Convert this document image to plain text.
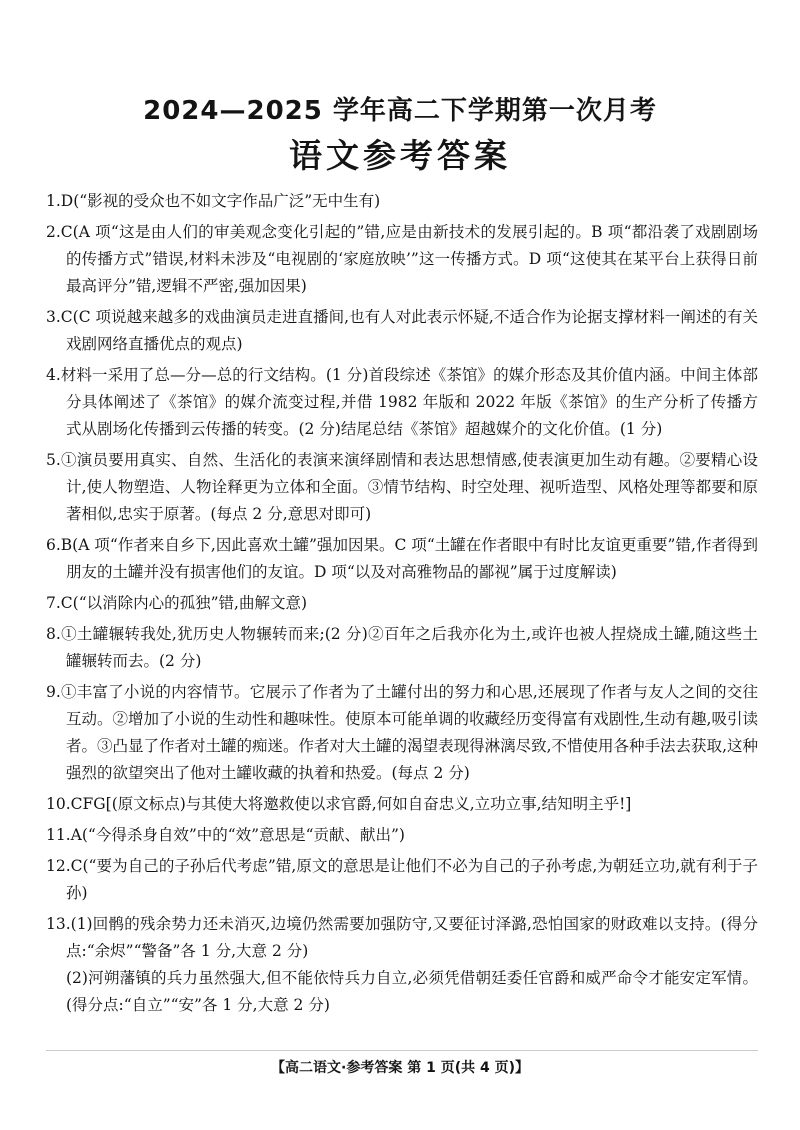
2024—2025 学年高二下学期第一次月考
语文参考答案
1.D(“影视的受众也不如文字作品广泛”无中生有)
2.C(A 项“这是由人们的审美观念变化引起的”错,应是由新技术的发展引起的。B 项“都沿袭了戏剧剧场的传播方式”错误,材料未涉及“电视剧的‘家庭放映’”这一传播方式。D 项“这使其在某平台上获得日前最高评分”错,逻辑不严密,强加因果)
3.C(C 项说越来越多的戏曲演员走进直播间,也有人对此表示怀疑,不适合作为论据支撑材料一阐述的有关戏剧网络直播优点的观点)
4.材料一采用了总—分—总的行文结构。(1 分)首段综述《茶馆》的媒介形态及其价值内涵。中间主体部分具体阐述了《茶馆》的媒介流变过程,并借 1982 年版和 2022 年版《茶馆》的生产分析了传播方式从剧场化传播到云传播的转变。(2 分)结尾总结《茶馆》超越媒介的文化价值。(1 分)
5.①演员要用真实、自然、生活化的表演来演绎剧情和表达思想情感,使表演更加生动有趣。②要精心设计,使人物塑造、人物诠释更为立体和全面。③情节结构、时空处理、视听造型、风格处理等都要和原著相似,忠实于原著。(每点 2 分,意思对即可)
6.B(A 项“作者来自乡下,因此喜欢土罐”强加因果。C 项“土罐在作者眼中有时比友谊更重要”错,作者得到朋友的土罐并没有损害他们的友谊。D 项“以及对高雅物品的鄙视”属于过度解读)
7.C(“以消除内心的孤独”错,曲解文意)
8.①土罐辗转我处,犹历史人物辗转而来;(2 分)②百年之后我亦化为土,或许也被人捏烧成土罐,随这些土罐辗转而去。(2 分)
9.①丰富了小说的内容情节。它展示了作者为了土罐付出的努力和心思,还展现了作者与友人之间的交往互动。②增加了小说的生动性和趣味性。使原本可能单调的收藏经历变得富有戏剧性,生动有趣,吸引读者。③凸显了作者对土罐的痴迷。作者对大土罐的渴望表现得淋漓尽致,不惜使用各种手法去获取,这种强烈的欲望突出了他对土罐收藏的执着和热爱。(每点 2 分)
10.CFG[(原文标点)与其使大将邀救使以求官爵,何如自奋忠义,立功立事,结知明主乎!]
11.A(“今得杀身自效”中的“效”意思是“贡献、献出”)
12.C(“要为自己的子孙后代考虑”错,原文的意思是让他们不必为自己的子孙考虑,为朝廷立功,就有利于子孙)
13.(1)回鹘的残余势力还未消灭,边境仍然需要加强防守,又要征讨泽潞,恐怕国家的财政难以支持。(得分点:“余烬”“警备”各 1 分,大意 2 分)
(2)河朔藩镇的兵力虽然强大,但不能依恃兵力自立,必须凭借朝廷委任官爵和威严命令才能安定军情。(得分点:“自立”“安”各 1 分,大意 2 分)
【高二语文·参考答案 第 1 页(共 4 页)】
